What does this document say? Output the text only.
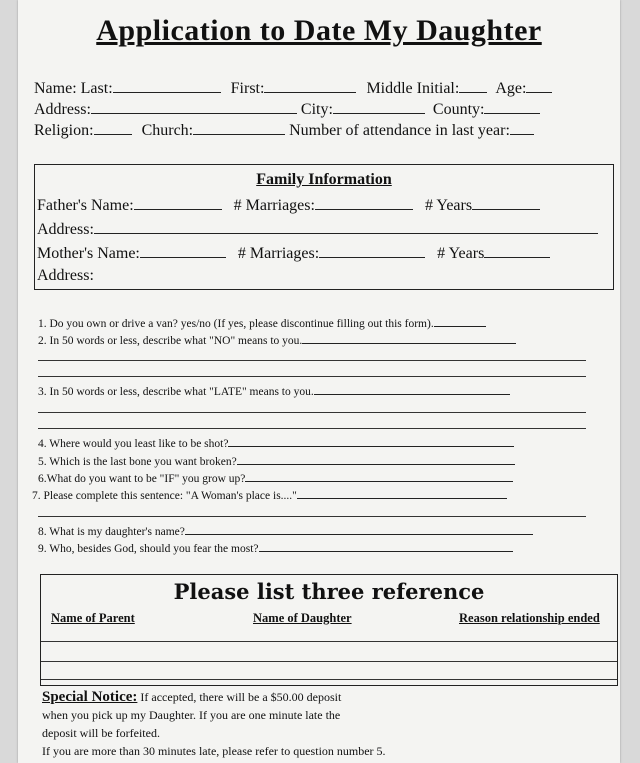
Application to Date My Daughter
Name: Last:	First:	Middle Initial: Age:
Address:	City:	County:
Religion:	Church:	Number of attendance in last year:
Family Information
Father's Name:	# Marriages:	# Years
Address:
Mother's Name:	# Marriages:	# Years
Address:
1. Do you own or drive a van? yes/no (If yes, please discontinue filling out this form).
2. In 50 words or less, describe what "NO" means to you.
3. In 50 words or less, describe what "LATE" means to you.
4. Where would you least like to be shot?
5. Which is the last bone you want broken?
6.What do you want to be "IF" you grow up?
7. Please complete this sentence: "A Woman's place is...."
8. What is my daughter's name?
9. Who, besides God, should you fear the most?
Please list three reference
Name of Parent	Name of Daughter	Reason relationship ended
Special Notice: If accepted, there will be a $50.00 deposit
when you pick up my Daughter. If you are one minute late the
deposit will be forfeited.
If you are more than 30 minutes late, please refer to question number 5.
